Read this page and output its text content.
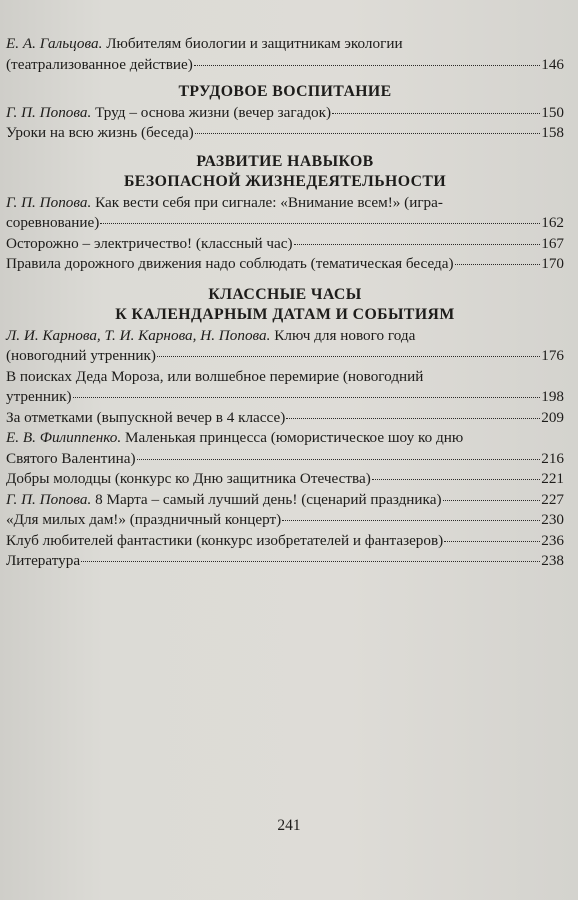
Е. А. Гальцова. Любителям биологии и защитникам экологии
(театрализованное действие)	146
ТРУДОВОЕ ВОСПИТАНИЕ
Г. П. Попова. Труд – основа жизни (вечер загадок)	150
Уроки на всю жизнь (беседа)	158
РАЗВИТИЕ НАВЫКОВ
БЕЗОПАСНОЙ ЖИЗНЕДЕЯТЕЛЬНОСТИ
Г. П. Попова. Как вести себя при сигнале: «Внимание всем!» (игра-
соревнование)	162
Осторожно – электричество! (классный час)	167
Правила дорожного движения надо соблюдать (тематическая беседа)	170
КЛАССНЫЕ ЧАСЫ
К КАЛЕНДАРНЫМ ДАТАМ И СОБЫТИЯМ
Л. И. Карнова, Т. И. Карнова, Н. Попова. Ключ для нового года
(новогодний утренник)	176
В поисках Деда Мороза, или волшебное перемирие (новогодний
утренник)	198
За отметками (выпускной вечер в 4 классе)	209
Е. В. Филиппенко. Маленькая принцесса (юмористическое шоу ко дню
Святого Валентина)	216
Добры молодцы (конкурс ко Дню защитника Отечества)	221
Г. П. Попова. 8 Марта – самый лучший день! (сценарий праздника)	227
«Для милых дам!» (праздничный концерт)	230
Клуб любителей фантастики (конкурс изобретателей и фантазеров)	236
Литература	238
241
